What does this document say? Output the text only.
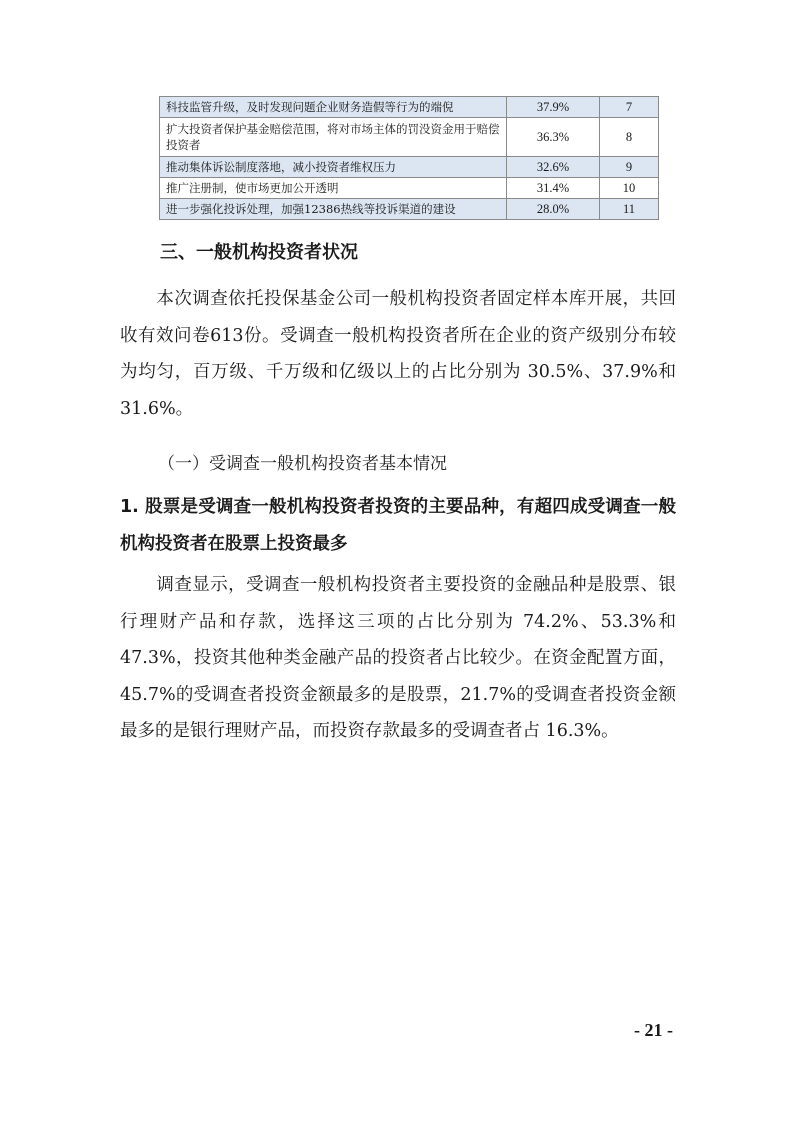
科技监管升级，及时发现问题企业财务造假等行为的端倪	37.9%	7
扩大投资者保护基金赔偿范围，将对市场主体的罚没资金用于赔偿投资者	36.3%	8
推动集体诉讼制度落地，减小投资者维权压力	32.6%	9
推广注册制，使市场更加公开透明	31.4%	10
进一步强化投诉处理，加强12386热线等投诉渠道的建设	28.0%	11
三、一般机构投资者状况

本次调查依托投保基金公司一般机构投资者固定样本库开展，共回收有效问卷613份。受调查一般机构投资者所在企业的资产级别分布较为均匀，百万级、千万级和亿级以上的占比分别为 30.5%、37.9%和31.6%。

（一）受调查一般机构投资者基本情况

1. 股票是受调查一般机构投资者投资的主要品种，有超四成受调查一般机构投资者在股票上投资最多

调查显示，受调查一般机构投资者主要投资的金融品种是股票、银行理财产品和存款，选择这三项的占比分别为 74.2%、53.3%和 47.3%，投资其他种类金融产品的投资者占比较少。在资金配置方面，45.7%的受调查者投资金额最多的是股票，21.7%的受调查者投资金额最多的是银行理财产品，而投资存款最多的受调查者占 16.3%。

- 21 -
